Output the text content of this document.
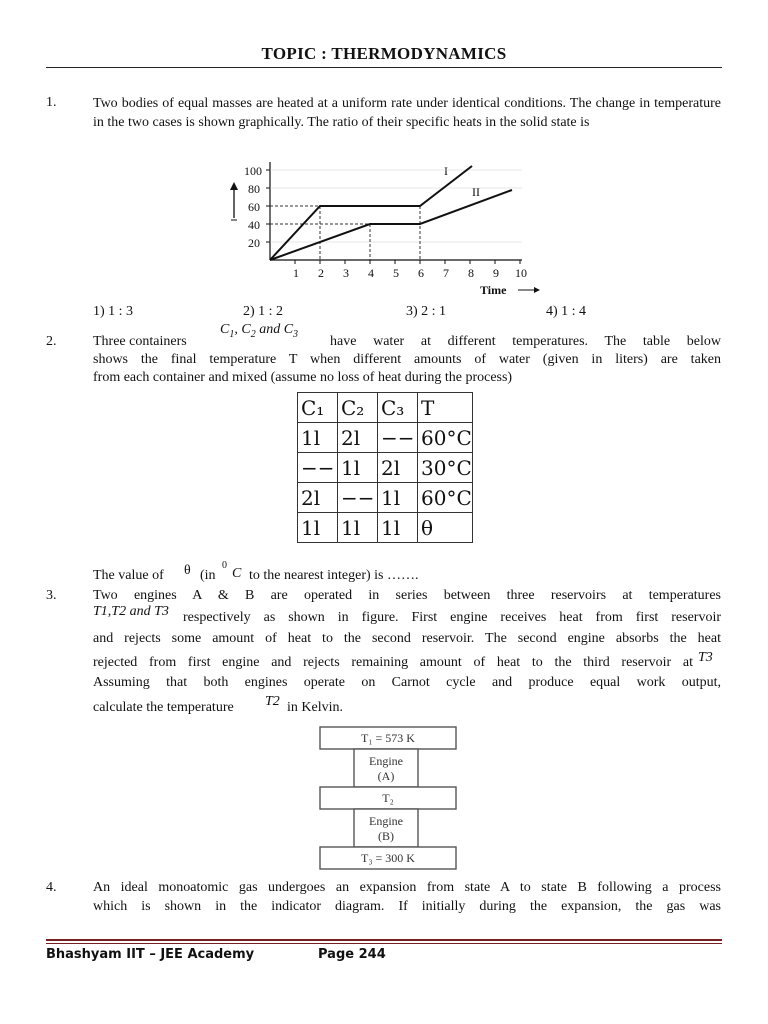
TOPIC : THERMODYNAMICS
1.	Two bodies of equal masses are heated at a uniform rate under identical conditions. The change in temperature in the two cases is shown graphically. The ratio of their specific heats in the solid state is
100
80
60
40
20
1 2 3 4 5 6 7 8 9 10
Time
I
II
1) 1 : 3	2) 1 : 2	3) 2 : 1	4) 1 : 4
2.	Three containers
$C_1$, $C_2$ and $C_3$ have water at different temperatures. The table below
shows the final temperature T when different amounts of water (given in liters) are taken
from each container and mixed (assume no loss of heat during the process)
C₁	C₂	C₃	T
1l	2l	−−	60°C
−−	1l	2l	30°C
2l	−−	1l	60°C
1l	1l	1l	θ
The value of θ (in
0
C to the nearest integer) is …….
3.	Two engines A & B are operated in series between three reservoirs at temperatures
T1,T2 and T3 respectively as shown in figure. First engine receives heat from first reservoir
and rejects some amount of heat to the second reservoir. The second engine absorbs the heat
rejected from first engine and rejects remaining amount of heat to the third reservoir at T3
Assuming that both engines operate on Carnot cycle and produce equal work output,
calculate the temperature T2 in Kelvin.
T₁ = 573 K
Engine
(A)
T₂
Engine
(B)
T₃ = 300 K
4.	An ideal monoatomic gas undergoes an expansion from state A to state B following a process
which is shown in the indicator diagram. If initially during the expansion, the gas was
Bhashyam IIT – JEE Academy	Page 244
